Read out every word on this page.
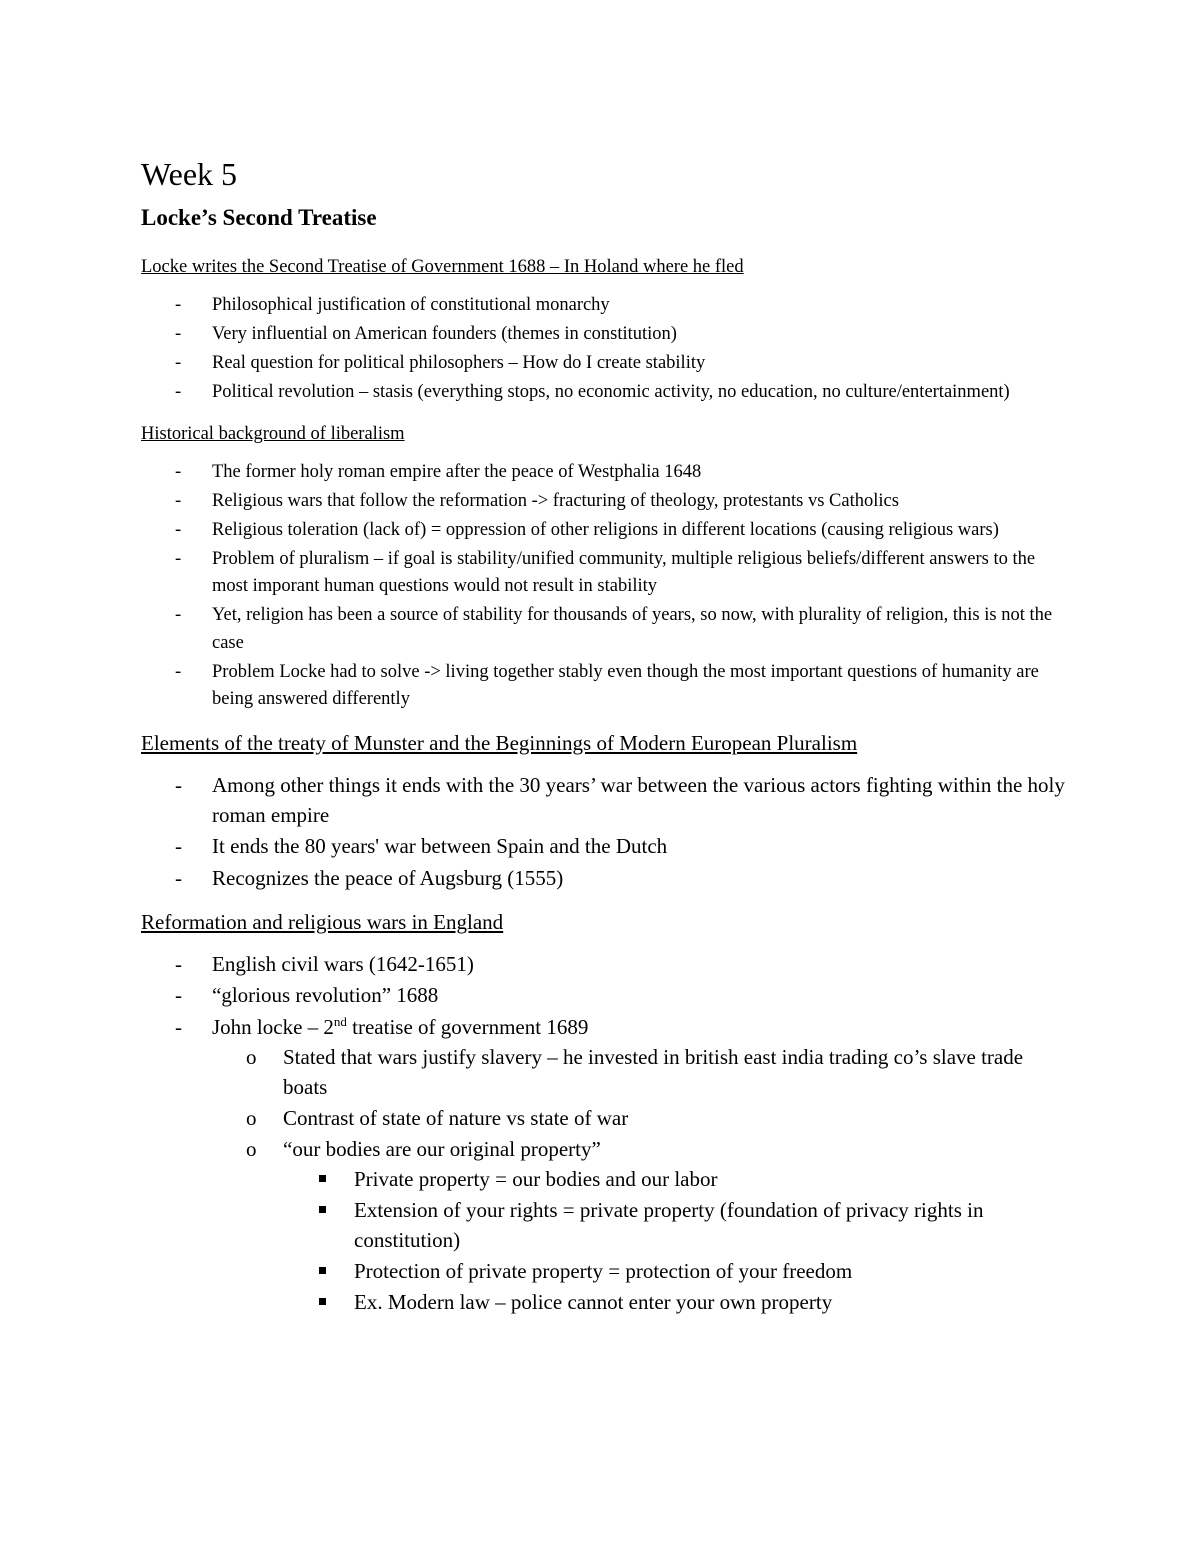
Week 5
Locke’s Second Treatise

Locke writes the Second Treatise of Government 1688 – In Holand where he fled

- Philosophical justification of constitutional monarchy
- Very influential on American founders (themes in constitution)
- Real question for political philosophers – How do I create stability
- Political revolution – stasis (everything stops, no economic activity, no education, no culture/entertainment)

Historical background of liberalism

- The former holy roman empire after the peace of Westphalia 1648
- Religious wars that follow the reformation -> fracturing of theology, protestants vs Catholics
- Religious toleration (lack of) = oppression of other religions in different locations (causing religious wars)
- Problem of pluralism – if goal is stability/unified community, multiple religious beliefs/different answers to the most imporant human questions would not result in stability
- Yet, religion has been a source of stability for thousands of years, so now, with plurality of religion, this is not the case
- Problem Locke had to solve -> living together stably even though the most important questions of humanity are being answered differently

Elements of the treaty of Munster and the Beginnings of Modern European Pluralism

- Among other things it ends with the 30 years’ war between the various actors fighting within the holy roman empire
- It ends the 80 years' war between Spain and the Dutch
- Recognizes the peace of Augsburg (1555)

Reformation and religious wars in England

- English civil wars (1642-1651)
- “glorious revolution” 1688
- John locke – 2nd treatise of government 1689
o Stated that wars justify slavery – he invested in british east india trading co’s slave trade boats
o Contrast of state of nature vs state of war
o “our bodies are our original property”
Private property = our bodies and our labor
Extension of your rights = private property (foundation of privacy rights in constitution)
Protection of private property = protection of your freedom
Ex. Modern law – police cannot enter your own property
